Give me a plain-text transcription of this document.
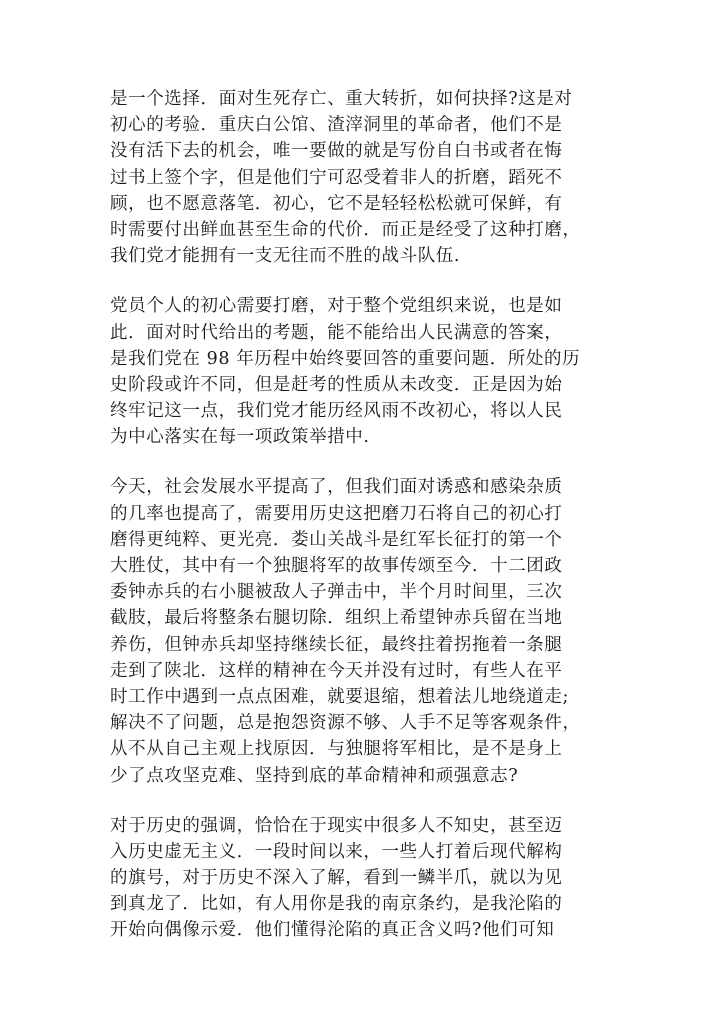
是一个选择．面对生死存亡、重大转折，如何抉择?这是对
初心的考验．重庆白公馆、渣滓洞里的革命者，他们不是
没有活下去的机会，唯一要做的就是写份自白书或者在悔
过书上签个字，但是他们宁可忍受着非人的折磨，蹈死不
顾，也不愿意落笔．初心，它不是轻轻松松就可保鲜，有
时需要付出鲜血甚至生命的代价．而正是经受了这种打磨，
我们党才能拥有一支无往而不胜的战斗队伍.
党员个人的初心需要打磨，对于整个党组织来说，也是如
此．面对时代给出的考题，能不能给出人民满意的答案，
是我们党在 98 年历程中始终要回答的重要问题．所处的历
史阶段或许不同，但是赶考的性质从未改变．正是因为始
终牢记这一点，我们党才能历经风雨不改初心，将以人民
为中心落实在每一项政策举措中.
今天，社会发展水平提高了，但我们面对诱惑和感染杂质
的几率也提高了，需要用历史这把磨刀石将自己的初心打
磨得更纯粹、更光亮．娄山关战斗是红军长征打的第一个
大胜仗，其中有一个独腿将军的故事传颂至今．十二团政
委钟赤兵的右小腿被敌人子弹击中，半个月时间里，三次
截肢，最后将整条右腿切除．组织上希望钟赤兵留在当地
养伤，但钟赤兵却坚持继续长征，最终拄着拐拖着一条腿
走到了陕北．这样的精神在今天并没有过时，有些人在平
时工作中遇到一点点困难，就要退缩，想着法儿地绕道走;
解决不了问题，总是抱怨资源不够、人手不足等客观条件，
从不从自己主观上找原因．与独腿将军相比，是不是身上
少了点攻坚克难、坚持到底的革命精神和顽强意志?
对于历史的强调，恰恰在于现实中很多人不知史，甚至迈
入历史虚无主义．一段时间以来，一些人打着后现代解构
的旗号，对于历史不深入了解，看到一鳞半爪，就以为见
到真龙了．比如，有人用你是我的南京条约，是我沦陷的
开始向偶像示爱．他们懂得沦陷的真正含义吗?他们可知
